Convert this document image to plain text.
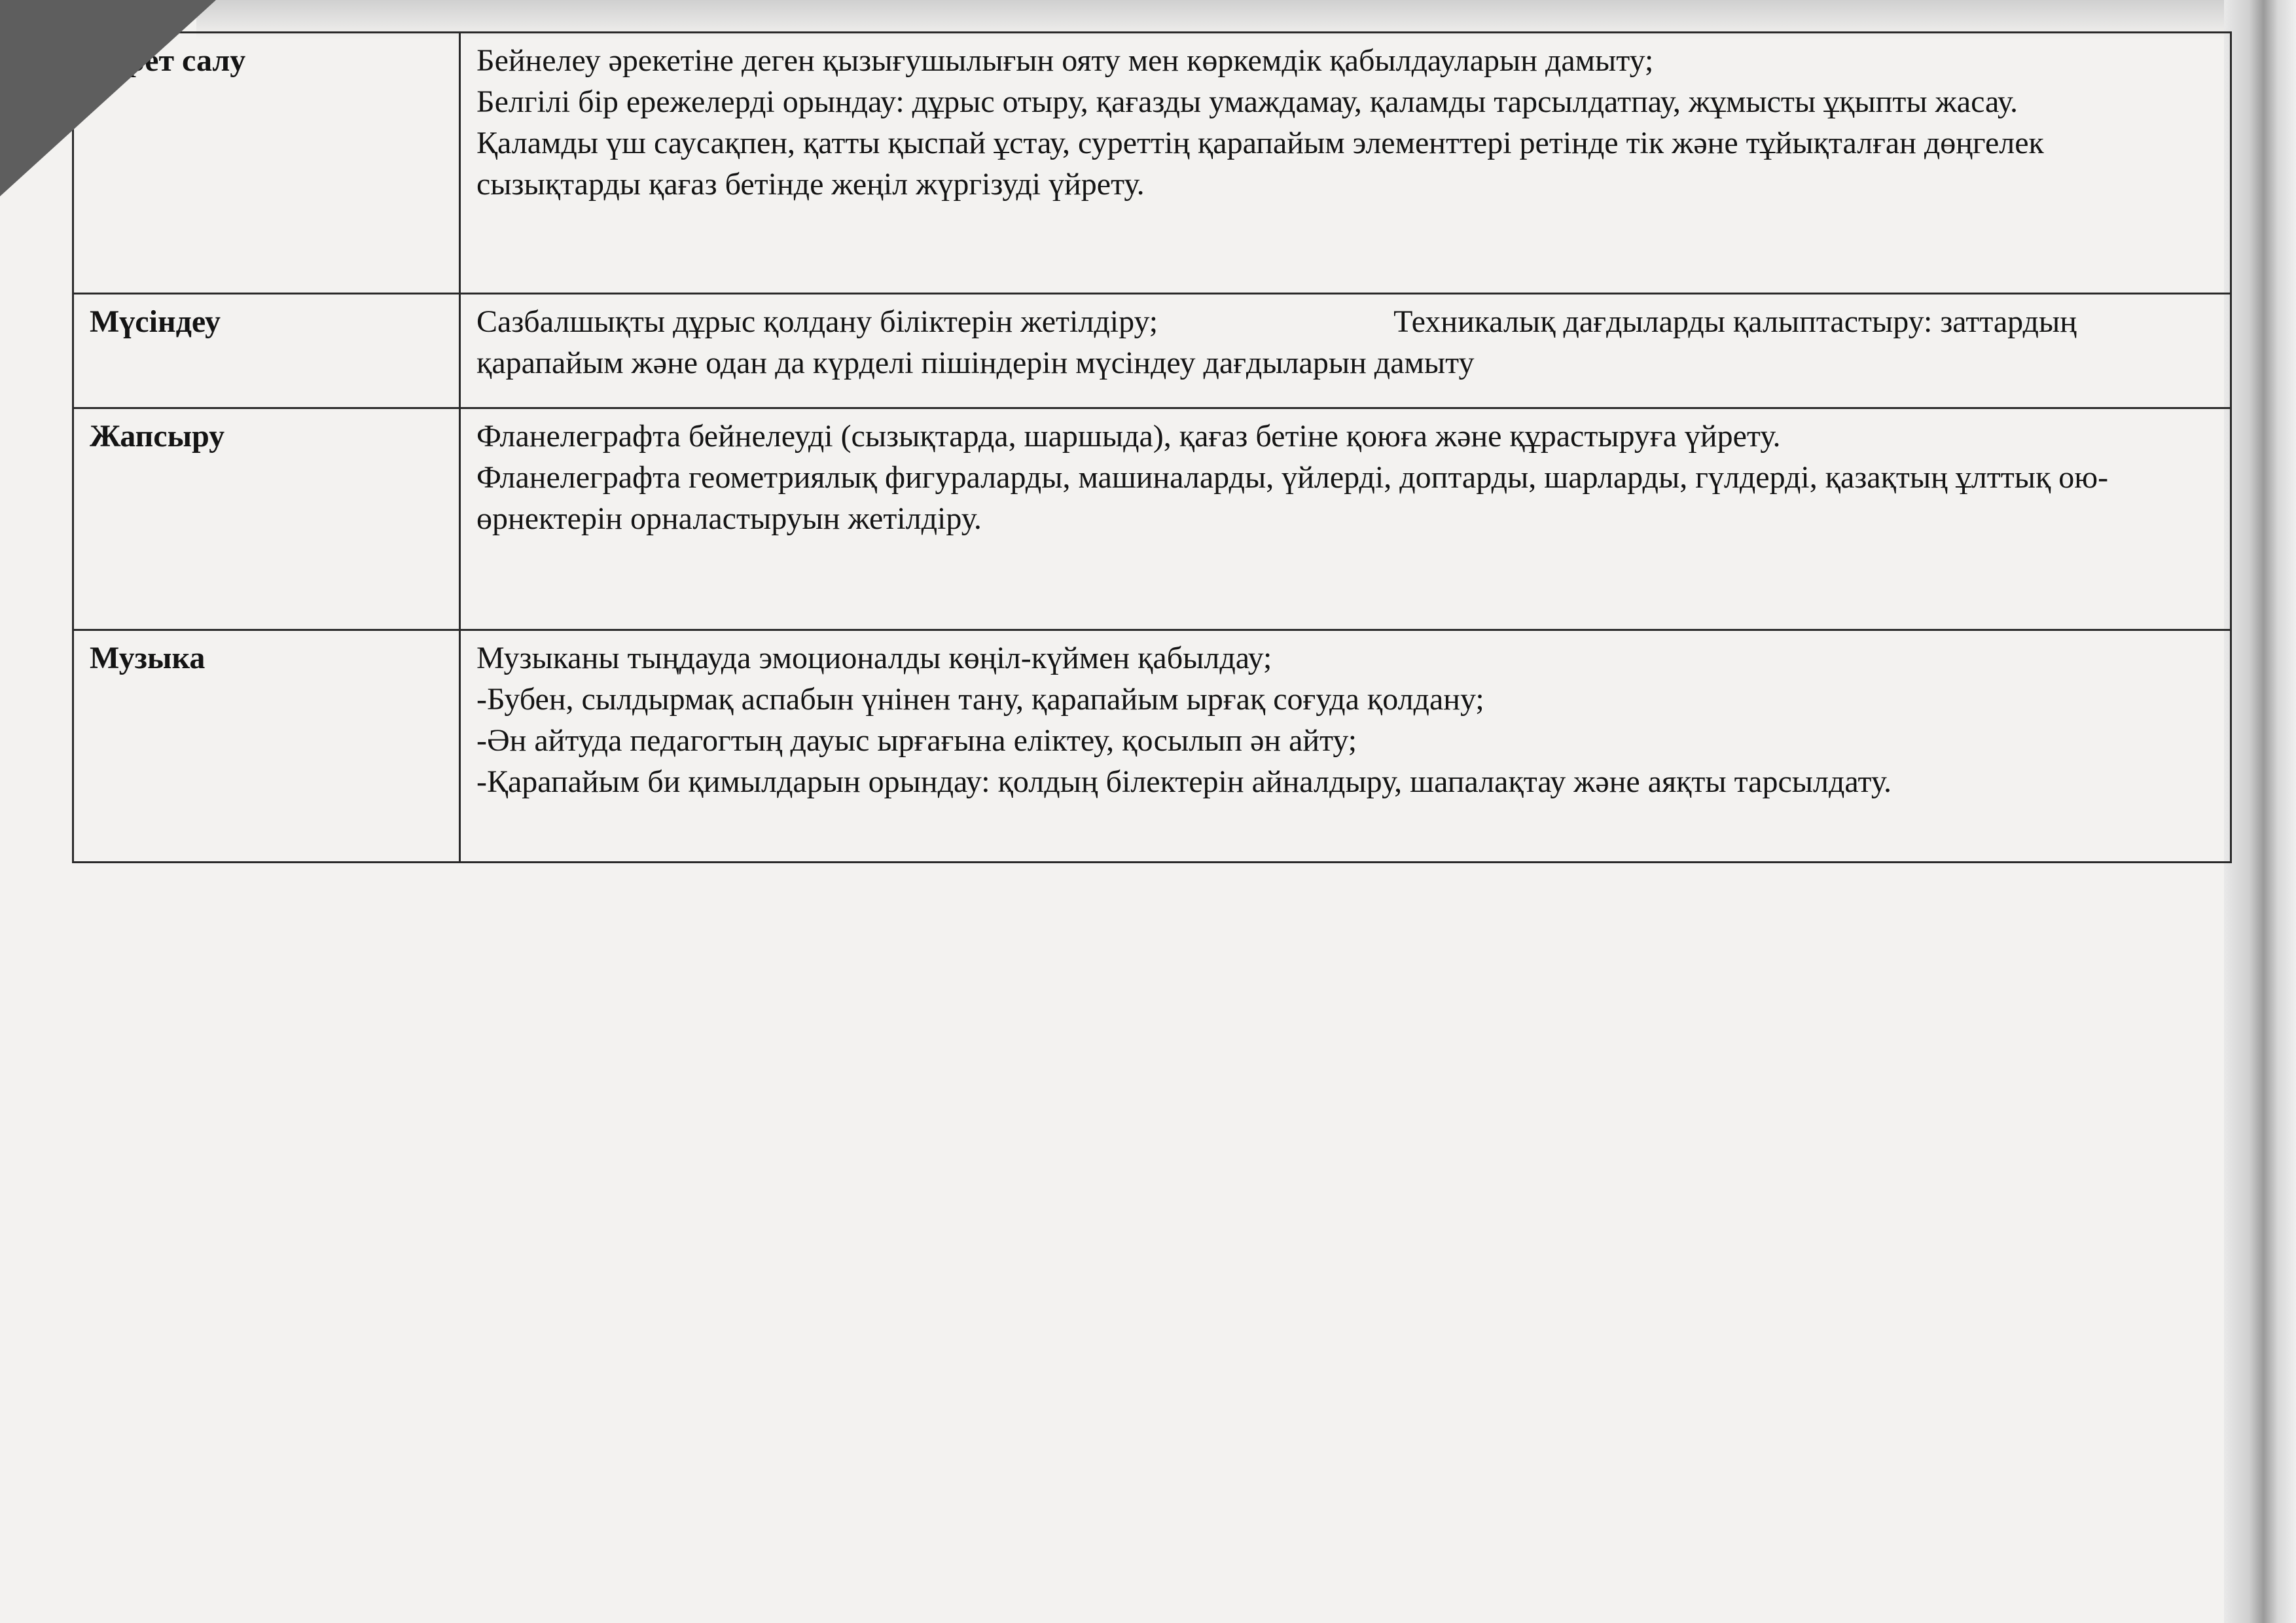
Сурет салу	Бейнелеу әрекетіне деген қызығушылығын ояту мен көркемдік қабылдауларын дамыту;
Белгілі бір ережелерді орындау: дұрыс отыру, қағазды умаждамау, қаламды тарсылдатпау, жұмысты ұқыпты жасау.
Қаламды үш саусақпен, қатты қыспай ұстау, суреттің қарапайым элементтері ретінде тік және тұйықталған дөңгелек сызықтарды қағаз бетінде жеңіл жүргізуді үйрету.

Мүсіндеу	Сазбалшықты дұрыс қолдану біліктерін жетілдіру;                              Техникалық дағдыларды қалыптастыру: заттардың қарапайым және одан да күрделі пішіндерін мүсіндеу дағдыларын дамыту

Жапсыру	Фланелеграфта бейнелеуді (сызықтарда, шаршыда), қағаз бетіне қоюға және құрастыруға үйрету.
Фланелеграфта геометриялық фигураларды, машиналарды, үйлерді, доптарды, шарларды, гүлдерді, қазақтың ұлттық ою-өрнектерін орналастыруын жетілдіру.

Музыка	Музыканы тыңдауда эмоционалды көңіл-күймен қабылдау;
-Бубен, сылдырмақ аспабын үнінен тану, қарапайым ырғақ соғуда қолдану;
-Ән айтуда педагогтың дауыс ырғағына еліктеу, қосылып ән айту;
-Қарапайым би қимылдарын орындау: қолдың білектерін айналдыру, шапалақтау және аяқты тарсылдату.
